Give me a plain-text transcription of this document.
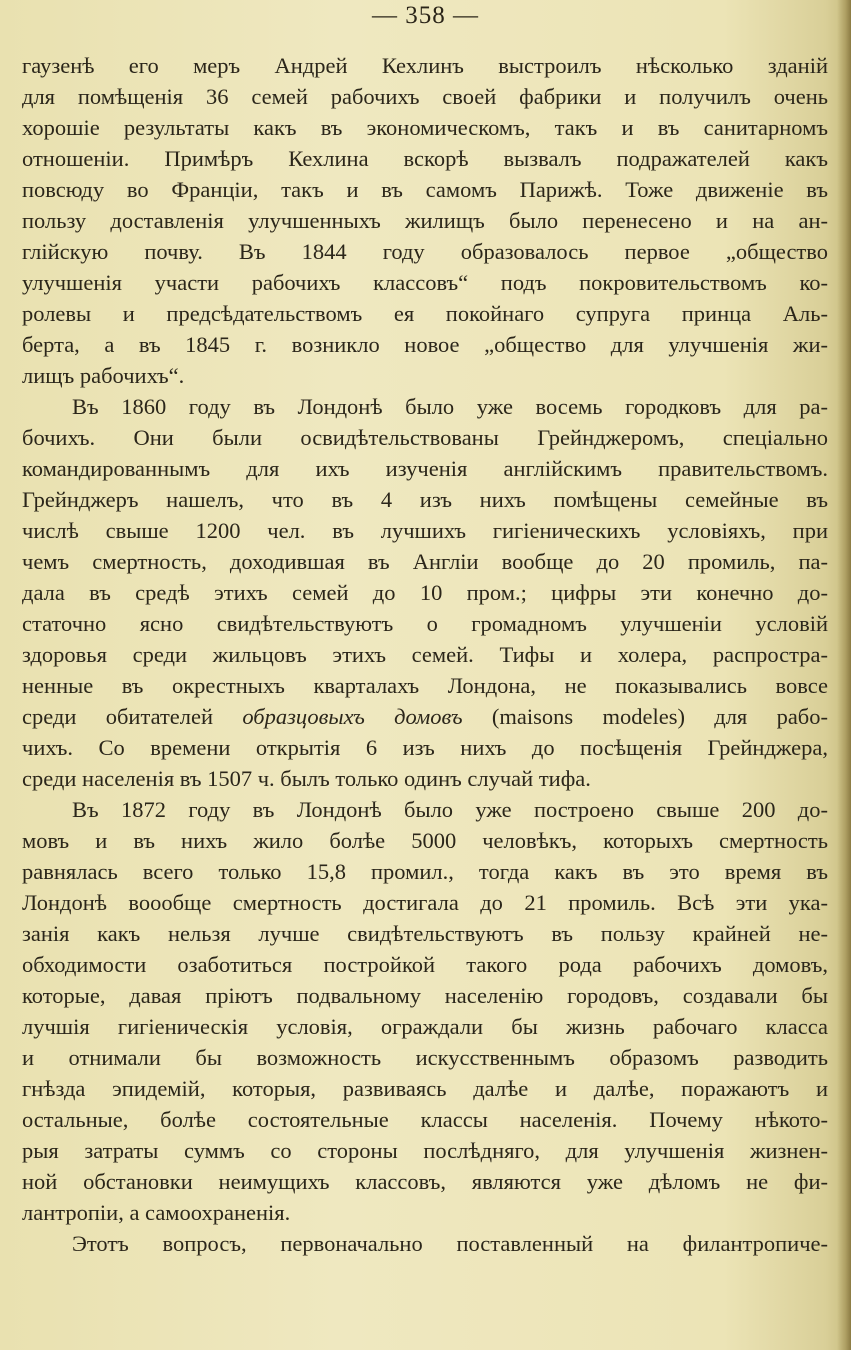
— 358 —
гаузенѣ его меръ Андрей Кехлинъ выстроилъ нѣсколько зданій
для помѣщенія 36 семей рабочихъ своей фабрики и получилъ очень
хорошіе результаты какъ въ экономическомъ, такъ и въ санитарномъ
отношеніи. Примѣръ Кехлина вскорѣ вызвалъ подражателей какъ
повсюду во Франціи, такъ и въ самомъ Парижѣ. Тоже движеніе въ
пользу доставленія улучшенныхъ жилищъ было перенесено и на ан-
глійскую почву. Въ 1844 году образовалось первое „общество
улучшенія участи рабочихъ классовъ“ подъ покровительствомъ ко-
ролевы и предсѣдательствомъ ея покойнаго супруга принца Аль-
берта, а въ 1845 г. возникло новое „общество для улучшенія жи-
лищъ рабочихъ“.
Въ 1860 году въ Лондонѣ было уже восемь городковъ для ра-
бочихъ. Они были освидѣтельствованы Грейнджеромъ, спеціально
командированнымъ для ихъ изученія англійскимъ правительствомъ.
Грейнджеръ нашелъ, что въ 4 изъ нихъ помѣщены семейные въ
числѣ свыше 1200 чел. въ лучшихъ гигіеническихъ условіяхъ, при
чемъ смертность, доходившая въ Англіи вообще до 20 промиль, па-
дала въ средѣ этихъ семей до 10 пром.; цифры эти конечно до-
статочно ясно свидѣтельствуютъ о громадномъ улучшеніи условій
здоровья среди жильцовъ этихъ семей. Тифы и холера, распростра-
ненные въ окрестныхъ кварталахъ Лондона, не показывались вовсе
среди обитателей образцовыхъ домовъ (maisons modeles) для рабо-
чихъ. Со времени открытія 6 изъ нихъ до посѣщенія Грейнджера,
среди населенія въ 1507 ч. былъ только одинъ случай тифа.
Въ 1872 году въ Лондонѣ было уже построено свыше 200 до-
мовъ и въ нихъ жило болѣе 5000 человѣкъ, которыхъ смертность
равнялась всего только 15,8 промил., тогда какъ въ это время въ
Лондонѣ воообще смертность достигала до 21 промиль. Всѣ эти ука-
занія какъ нельзя лучше свидѣтельствуютъ въ пользу крайней не-
обходимости озаботиться постройкой такого рода рабочихъ домовъ,
которые, давая пріютъ подвальному населенію городовъ, создавали бы
лучшія гигіеническія условія, ограждали бы жизнь рабочаго класса
и отнимали бы возможность искусственнымъ образомъ разводить
гнѣзда эпидемій, которыя, развиваясь далѣе и далѣе, поражаютъ и
остальные, болѣе состоятельные классы населенія. Почему нѣкото-
рыя затраты суммъ со стороны послѣдняго, для улучшенія жизнен-
ной обстановки неимущихъ классовъ, являются уже дѣломъ не фи-
лантропіи, а самоохраненія.
Этотъ вопросъ, первоначально поставленный на филантропиче-
